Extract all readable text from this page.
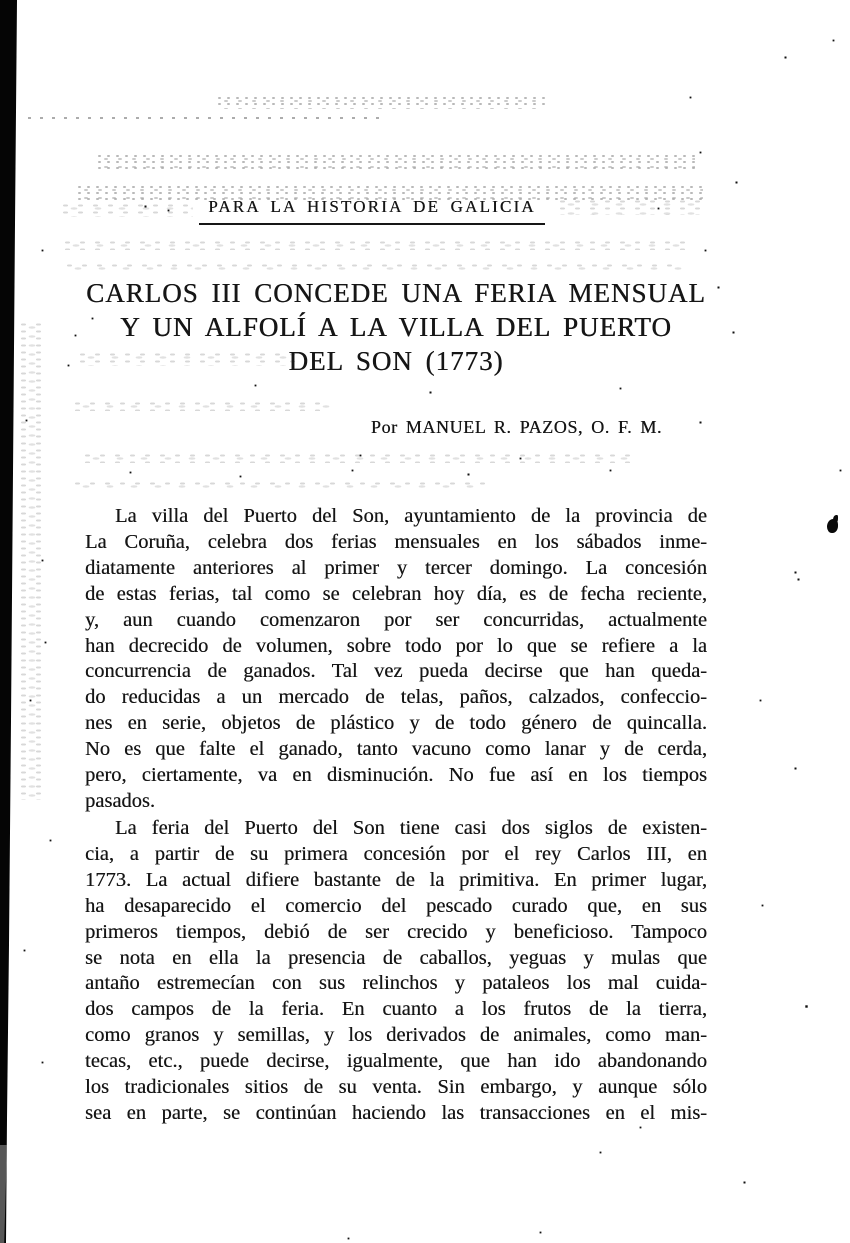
PARA LA HISTORIA DE GALICIA
CARLOS III CONCEDE UNA FERIA MENSUAL
Y UN ALFOLÍ A LA VILLA DEL PUERTO
DEL SON (1773)
Por MANUEL R. PAZOS, O. F. M.
La villa del Puerto del Son, ayuntamiento de la provincia de
La Coruña, celebra dos ferias mensuales en los sábados inme-
diatamente anteriores al primer y tercer domingo. La concesión
de estas ferias, tal como se celebran hoy día, es de fecha reciente,
y, aun cuando comenzaron por ser concurridas, actualmente
han decrecido de volumen, sobre todo por lo que se refiere a la
concurrencia de ganados. Tal vez pueda decirse que han queda-
do reducidas a un mercado de telas, paños, calzados, confeccio-
nes en serie, objetos de plástico y de todo género de quincalla.
No es que falte el ganado, tanto vacuno como lanar y de cerda,
pero, ciertamente, va en disminución. No fue así en los tiempos
pasados.
La feria del Puerto del Son tiene casi dos siglos de existen-
cia, a partir de su primera concesión por el rey Carlos III, en
1773. La actual difiere bastante de la primitiva. En primer lugar,
ha desaparecido el comercio del pescado curado que, en sus
primeros tiempos, debió de ser crecido y beneficioso. Tampoco
se nota en ella la presencia de caballos, yeguas y mulas que
antaño estremecían con sus relinchos y pataleos los mal cuida-
dos campos de la feria. En cuanto a los frutos de la tierra,
como granos y semillas, y los derivados de animales, como man-
tecas, etc., puede decirse, igualmente, que han ido abandonando
los tradicionales sitios de su venta. Sin embargo, y aunque sólo
sea en parte, se continúan haciendo las transacciones en el mis-
